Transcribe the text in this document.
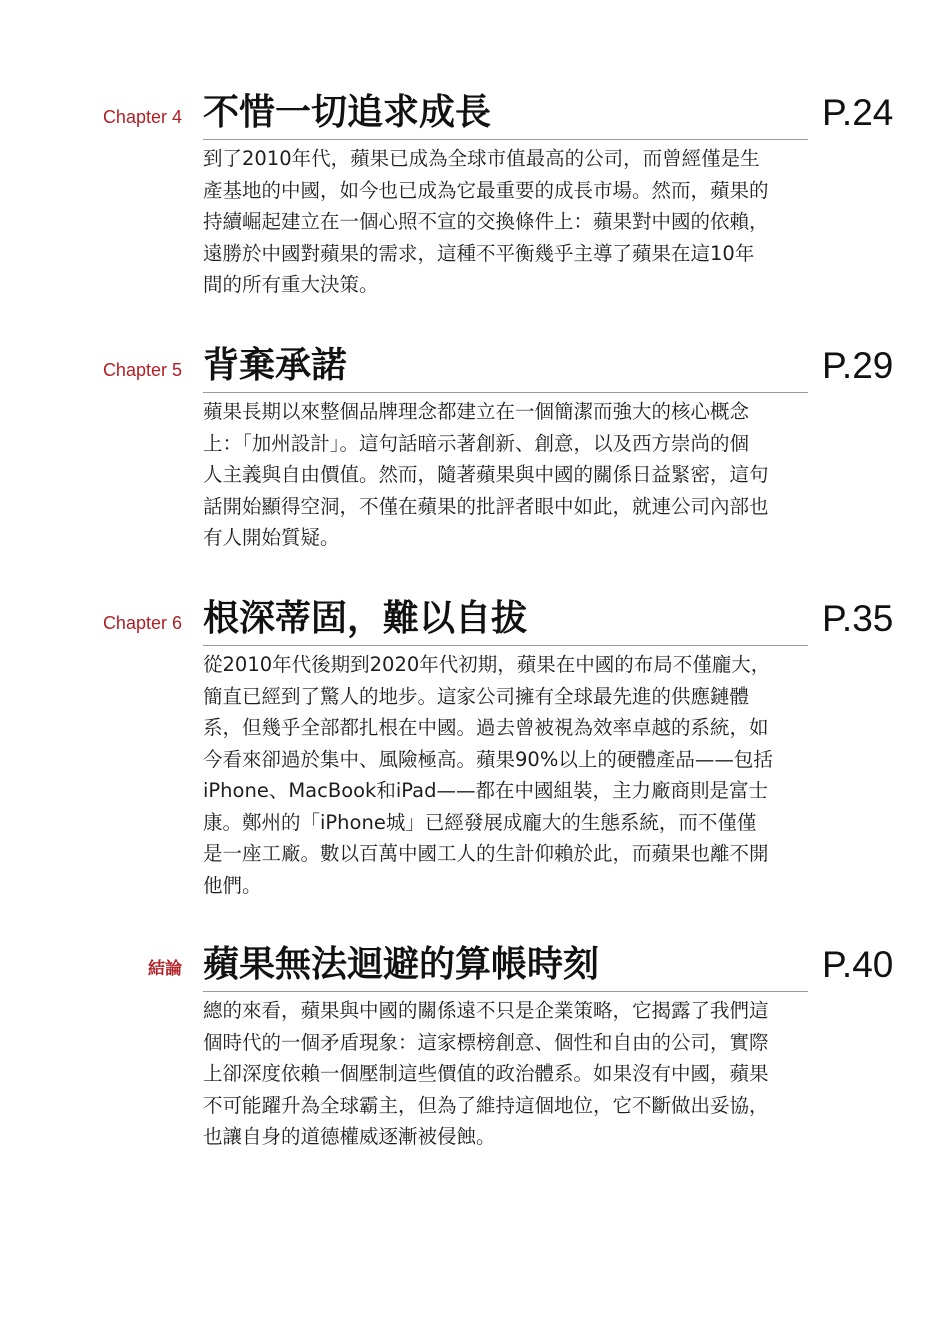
Chapter 4 不惜一切追求成長	P.24
到了2010年代，蘋果已成為全球市值最高的公司，而曾經僅是生
產基地的中國，如今也已成為它最重要的成長市場。然而，蘋果的
持續崛起建立在一個心照不宣的交換條件上：蘋果對中國的依賴，
遠勝於中國對蘋果的需求，這種不平衡幾乎主導了蘋果在這10年
間的所有重大決策。
Chapter 5 背棄承諾	P.29
蘋果長期以來整個品牌理念都建立在一個簡潔而強大的核心概念
上：「加州設計」。這句話暗示著創新、創意，以及西方崇尚的個
人主義與自由價值。然而，隨著蘋果與中國的關係日益緊密，這句
話開始顯得空洞，不僅在蘋果的批評者眼中如此，就連公司內部也
有人開始質疑。
Chapter 6 根深蒂固，難以自拔	P.35
從2010年代後期到2020年代初期，蘋果在中國的布局不僅龐大，
簡直已經到了驚人的地步。這家公司擁有全球最先進的供應鏈體
系，但幾乎全部都扎根在中國。過去曾被視為效率卓越的系統，如
今看來卻過於集中、風險極高。蘋果90%以上的硬體產品——包括
iPhone、MacBook和iPad——都在中國組裝，主力廠商則是富士
康。鄭州的「iPhone城」已經發展成龐大的生態系統，而不僅僅
是一座工廠。數以百萬中國工人的生計仰賴於此，而蘋果也離不開
他們。
結論 蘋果無法迴避的算帳時刻	P.40
總的來看，蘋果與中國的關係遠不只是企業策略，它揭露了我們這
個時代的一個矛盾現象：這家標榜創意、個性和自由的公司，實際
上卻深度依賴一個壓制這些價值的政治體系。如果沒有中國，蘋果
不可能躍升為全球霸主，但為了維持這個地位，它不斷做出妥協，
也讓自身的道德權威逐漸被侵蝕。
